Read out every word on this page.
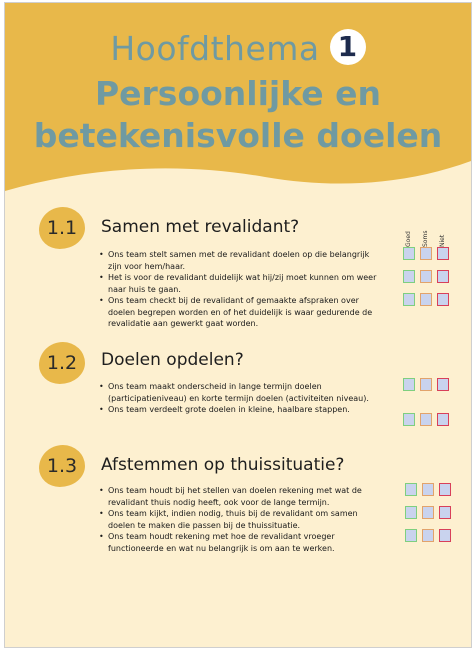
Hoofdthema 1
Persoonlijke en
betekenisvolle doelen
Goed Soms Niet
1.1	Samen met revalidant?
• Ons team stelt samen met de revalidant doelen op die belangrijk zijn voor hem/haar.
• Het is voor de revalidant duidelijk wat hij/zij moet kunnen om weer naar huis te gaan.
• Ons team checkt bij de revalidant of gemaakte afspraken over doelen begrepen worden en of het duidelijk is waar gedurende de revalidatie aan gewerkt gaat worden.
1.2	Doelen opdelen?
• Ons team maakt onderscheid in lange termijn doelen (participatieniveau) en korte termijn doelen (activiteiten niveau).
• Ons team verdeelt grote doelen in kleine, haalbare stappen.
1.3	Afstemmen op thuissituatie?
• Ons team houdt bij het stellen van doelen rekening met wat de revalidant thuis nodig heeft, ook voor de lange termijn.
• Ons team kijkt, indien nodig, thuis bij de revalidant om samen doelen te maken die passen bij de thuissituatie.
• Ons team houdt rekening met hoe de revalidant vroeger functioneerde en wat nu belangrijk is om aan te werken.
